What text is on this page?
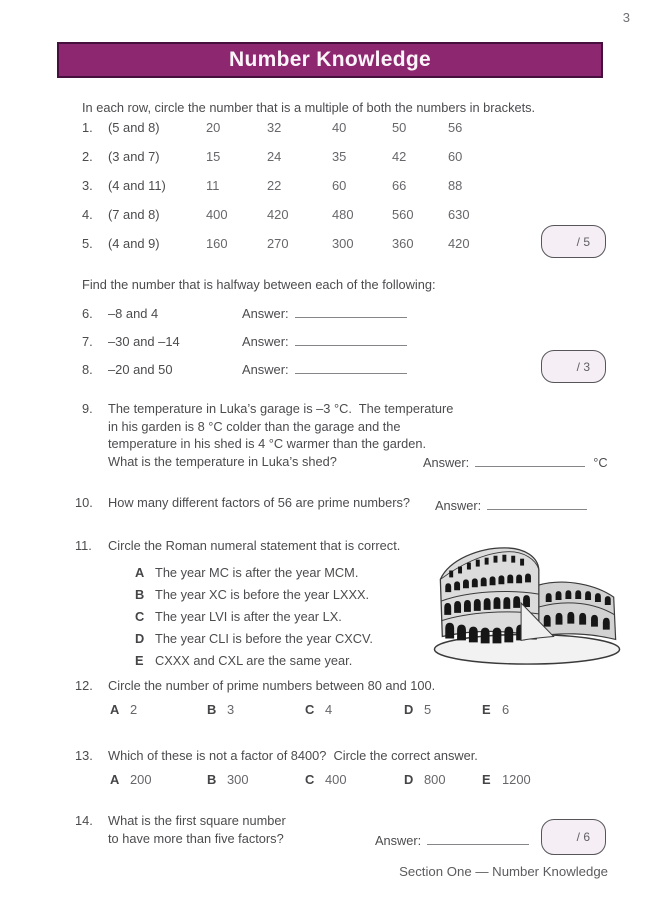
3
Number Knowledge
In each row, circle the number that is a multiple of both the numbers in brackets.
1.	(5 and 8)	20	32	40	50	56
2.	(3 and 7)	15	24	35	42	60
3.	(4 and 11)	11	22	60	66	88
4.	(7 and 8)	400	420	480	560	630
5.	(4 and 9)	160	270	300	360	420	/ 5
Find the number that is halfway between each of the following:
6.	–8 and 4	Answer:
7.	–30 and –14	Answer:
8.	–20 and 50	Answer:	/ 3
9.	The temperature in Luka’s garage is –3 °C.  The temperature
in his garden is 8 °C colder than the garage and the
temperature in his shed is 4 °C warmer than the garden.
What is the temperature in Luka’s shed?	Answer:	°C
10.	How many different factors of 56 are prime numbers? Answer:
11.	Circle the Roman numeral statement that is correct.
A The year MC is after the year MCM.
B The year XC is before the year LXXX.
C The year LVI is after the year LX.
D The year CLI is before the year CXCV.
E CXXX and CXL are the same year.
12.	Circle the number of prime numbers between 80 and 100.
A 2	B 3	C 4	D 5	E 6
13.	Which of these is not a factor of 8400?  Circle the correct answer.
A 200	B 300	C 400	D 800	E 1200
14.	What is the first square number
to have more than five factors?	Answer:	/ 6
Section One — Number Knowledge
